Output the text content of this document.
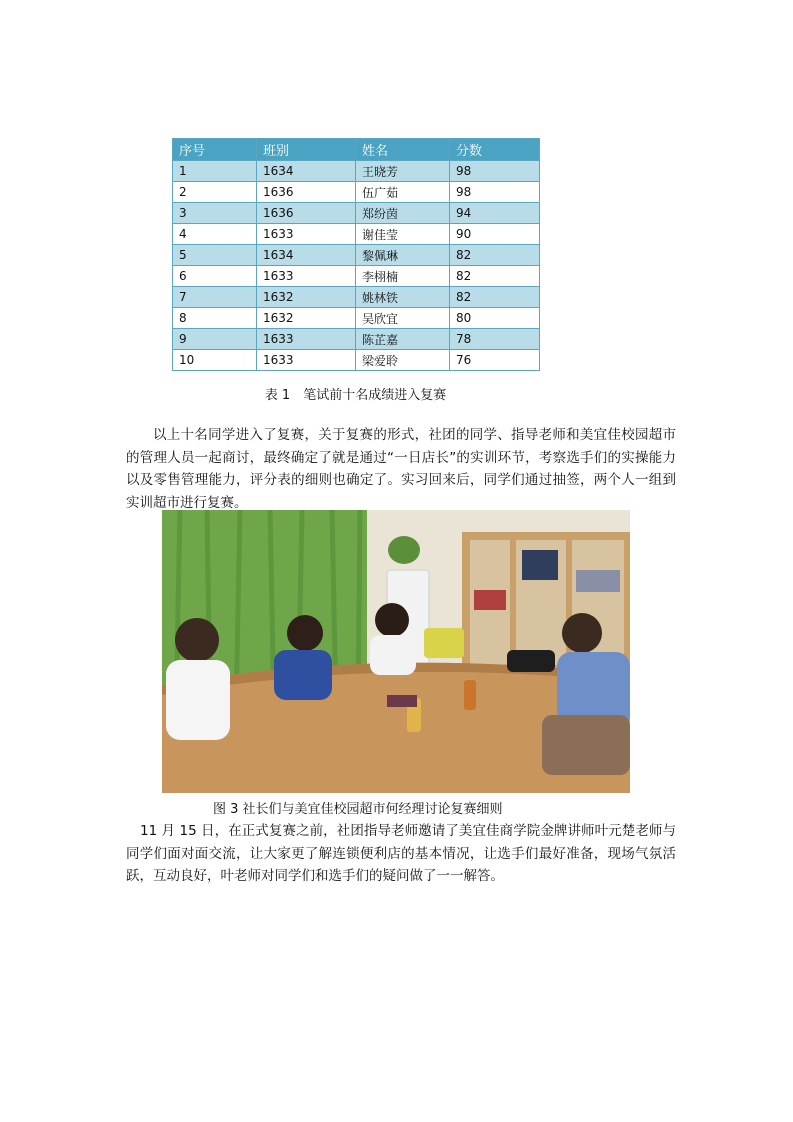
序号	班别	姓名	分数
1	1634	王晓芳	98
2	1636	伍广茹	98
3	1636	郑纷茵	94
4	1633	谢佳莹	90
5	1634	黎佩琳	82
6	1633	李栩楠	82
7	1632	姚林铁	82
8	1632	吴欣宜	80
9	1633	陈芷嘉	78
10	1633	梁爱聆	76
表 1　笔试前十名成绩进入复赛

以上十名同学进入了复赛，关于复赛的形式，社团的同学、指导老师和美宜佳校园超市的管理人员一起商讨，最终确定了就是通过“一日店长”的实训环节，考察选手们的实操能力以及零售管理能力，评分表的细则也确定了。实习回来后，同学们通过抽签，两个人一组到实训超市进行复赛。

图 3 社长们与美宜佳校园超市何经理讨论复赛细则

11 月 15 日，在正式复赛之前，社团指导老师邀请了美宜佳商学院金牌讲师叶元楚老师与同学们面对面交流，让大家更了解连锁便利店的基本情况，让选手们最好准备，现场气氛活跃，互动良好，叶老师对同学们和选手们的疑问做了一一解答。
